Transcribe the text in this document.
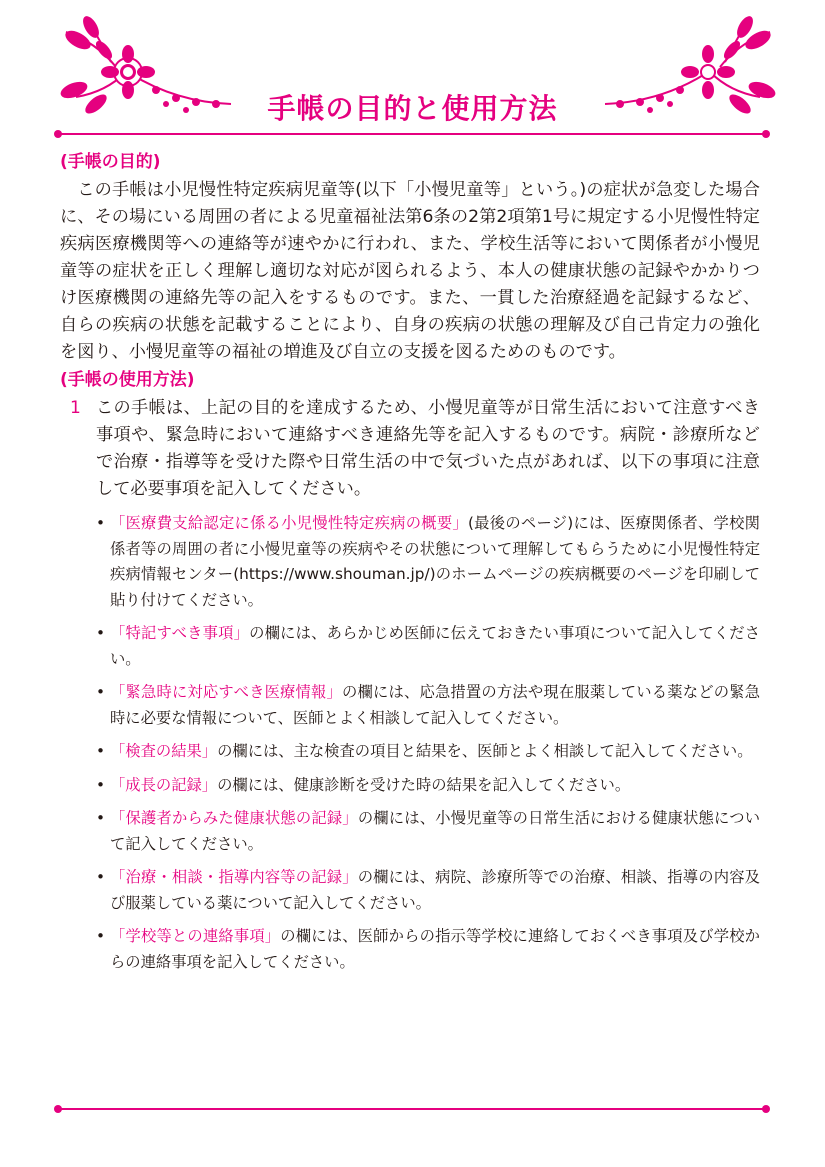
手帳の目的と使用方法
(手帳の目的)

この手帳は小児慢性特定疾病児童等(以下「小慢児童等」という。)の症状が急変した場合に、その場にいる周囲の者による児童福祉法第6条の2第2項第1号に規定する小児慢性特定疾病医療機関等への連絡等が速やかに行われ、また、学校生活等において関係者が小慢児童等の症状を正しく理解し適切な対応が図られるよう、本人の健康状態の記録やかかりつけ医療機関の連絡先等の記入をするものです。また、一貫した治療経過を記録するなど、自らの疾病の状態を記載することにより、自身の疾病の状態の理解及び自己肯定力の強化を図り、小慢児童等の福祉の増進及び自立の支援を図るためのものです。

(手帳の使用方法)
1 この手帳は、上記の目的を達成するため、小慢児童等が日常生活において注意すべき事項や、緊急時において連絡すべき連絡先等を記入するものです。病院・診療所などで治療・指導等を受けた際や日常生活の中で気づいた点があれば、以下の事項に注意して必要事項を記入してください。

• 「医療費支給認定に係る小児慢性特定疾病の概要」(最後のページ)には、医療関係者、学校関係者等の周囲の者に小慢児童等の疾病やその状態について理解してもらうために小児慢性特定疾病情報センター(https://www.shouman.jp/)のホームページの疾病概要のページを印刷して貼り付けてください。
• 「特記すべき事項」の欄には、あらかじめ医師に伝えておきたい事項について記入してください。
• 「緊急時に対応すべき医療情報」の欄には、応急措置の方法や現在服薬している薬などの緊急時に必要な情報について、医師とよく相談して記入してください。
• 「検査の結果」の欄には、主な検査の項目と結果を、医師とよく相談して記入してください。
• 「成長の記録」の欄には、健康診断を受けた時の結果を記入してください。
• 「保護者からみた健康状態の記録」の欄には、小慢児童等の日常生活における健康状態について記入してください。
• 「治療・相談・指導内容等の記録」の欄には、病院、診療所等での治療、相談、指導の内容及び服薬している薬について記入してください。
• 「学校等との連絡事項」の欄には、医師からの指示等学校に連絡しておくべき事項及び学校からの連絡事項を記入してください。
